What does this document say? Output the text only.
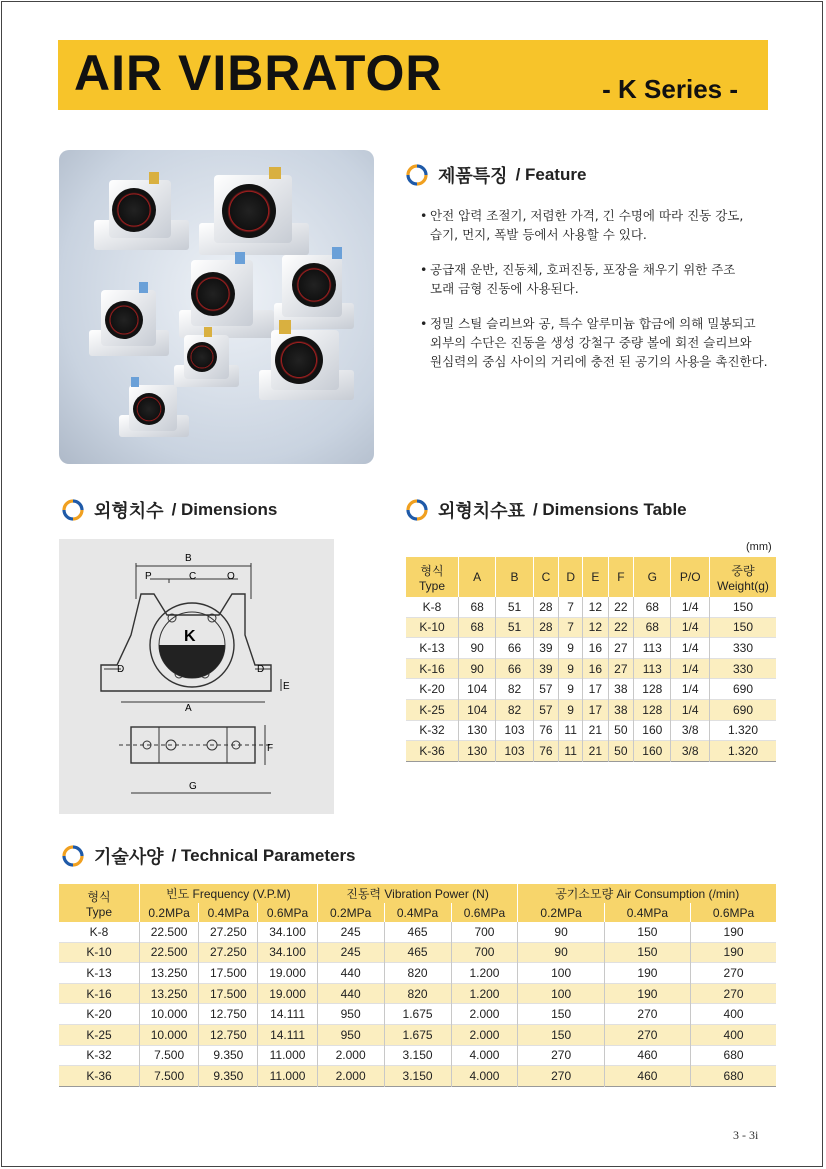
AIR VIBRATOR	- K Series -
제품특징 / Feature
• 안전 압력 조절기, 저렴한 가격, 긴 수명에 따라 진동 강도,
습기, 먼지, 폭발 등에서 사용할 수 있다.
• 공급재 운반, 진동체, 호퍼진동, 포장을 채우기 위한 주조
모래 금형 진동에 사용된다.
• 정밀 스틸 슬리브와 공, 특수 알루미늄 합금에 의해 밀봉되고
외부의 수단은 진동을 생성 강철구 중량 볼에 회전 슬리브와
원심력의 중심 사이의 거리에 충전 된 공기의 사용을 촉진한다.
외형치수 / Dimensions
B
P	C	O
K
D	D
E
A
F
G
외형치수표 / Dimensions Table
(mm)
형식
Type	A	B	C	D	E	F	G	P/O	중량
Weight(g)
K-8	68	51	28	7	12	22	68	1/4	150
K-10	68	51	28	7	12	22	68	1/4	150
K-13	90	66	39	9	16	27	113	1/4	330
K-16	90	66	39	9	16	27	113	1/4	330
K-20	104	82	57	9	17	38	128	1/4	690
K-25	104	82	57	9	17	38	128	1/4	690
K-32	130	103	76	11	21	50	160	3/8	1.320
K-36	130	103	76	11	21	50	160	3/8	1.320
기술사양 / Technical Parameters
형식
Type	빈도 Frequency (V.P.M)			진동력 Vibration Power (N)			공기소모량 Air Consumption (/min)		
	0.2MPa	0.4MPa	0.6MPa	0.2MPa	0.4MPa	0.6MPa	0.2MPa	0.4MPa	0.6MPa
K-8	22.500	27.250	34.100	245	465	700	90	150	190
K-10	22.500	27.250	34.100	245	465	700	90	150	190
K-13	13.250	17.500	19.000	440	820	1.200	100	190	270
K-16	13.250	17.500	19.000	440	820	1.200	100	190	270
K-20	10.000	12.750	14.111	950	1.675	2.000	150	270	400
K-25	10.000	12.750	14.111	950	1.675	2.000	150	270	400
K-32	7.500	9.350	11.000	2.000	3.150	4.000	270	460	680
K-36	7.500	9.350	11.000	2.000	3.150	4.000	270	460	680
3 - 3i
